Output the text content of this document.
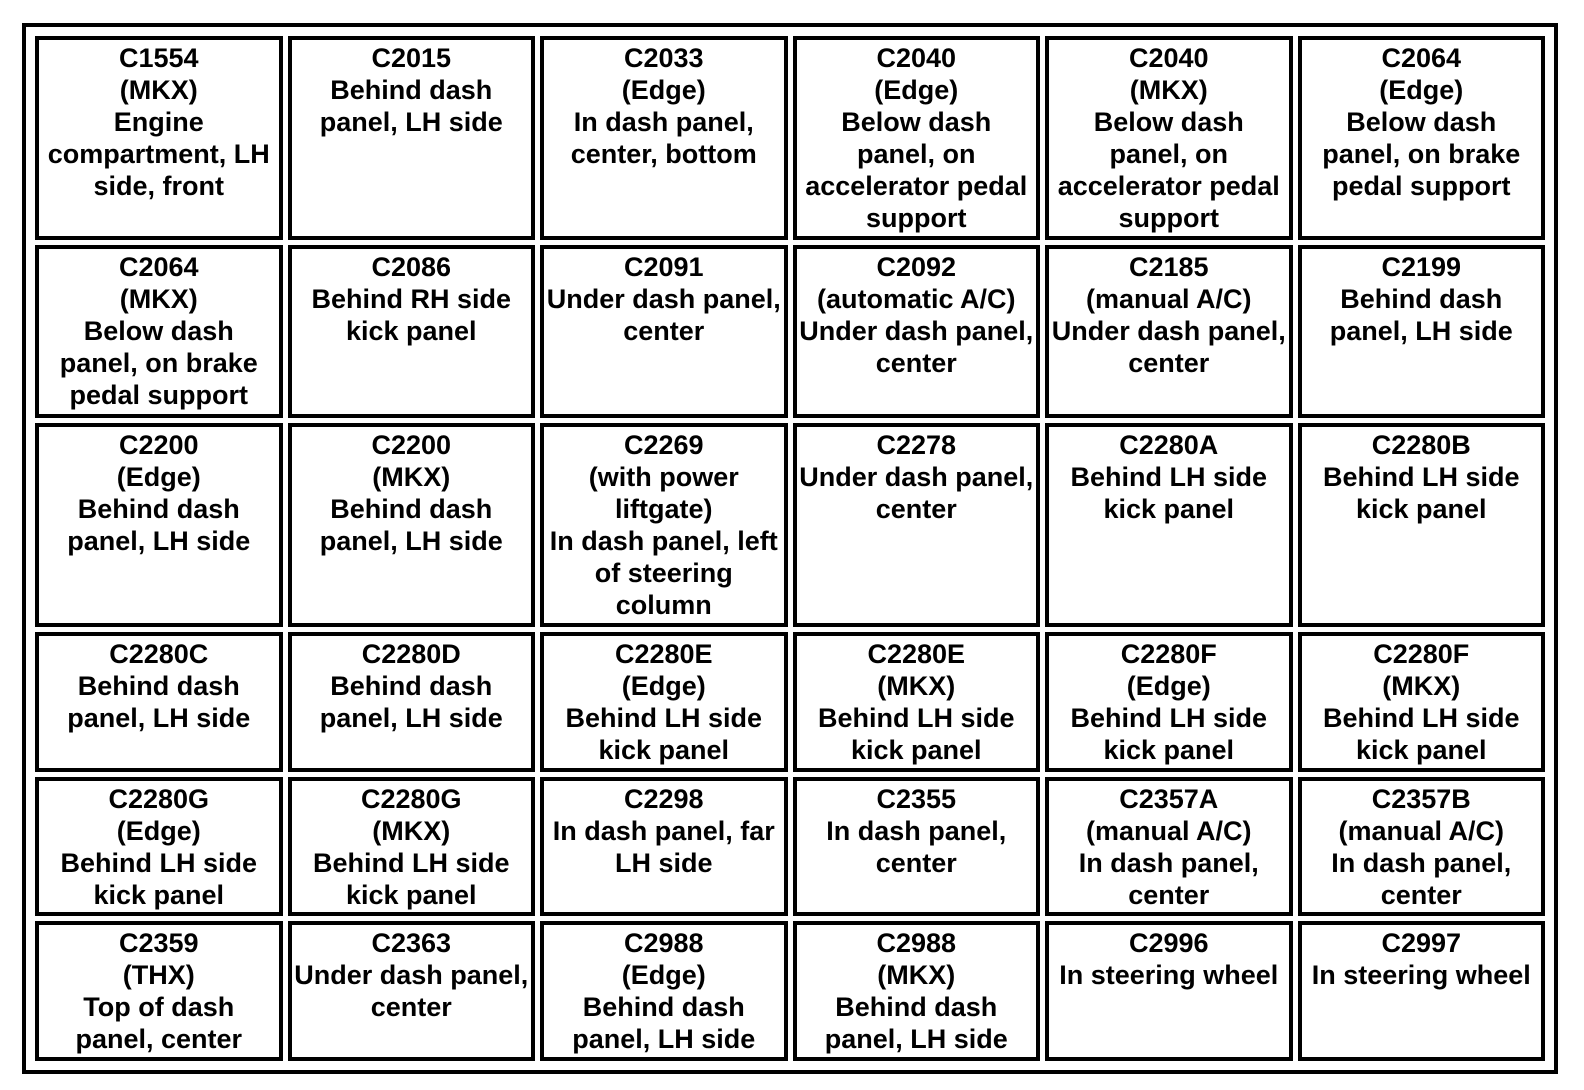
C1554
(MKX)
Engine compartment, LH side, front	C2015
Behind dash panel, LH side	C2033
(Edge)
In dash panel, center, bottom	C2040
(Edge)
Below dash panel, on accelerator pedal support	C2040
(MKX)
Below dash panel, on accelerator pedal support	C2064
(Edge)
Below dash panel, on brake pedal support

C2064
(MKX)
Below dash panel, on brake pedal support	C2086
Behind RH side kick panel	C2091
Under dash panel, center	C2092
(automatic A/C)
Under dash panel, center	C2185
(manual A/C)
Under dash panel, center	C2199
Behind dash panel, LH side

C2200
(Edge)
Behind dash panel, LH side	C2200
(MKX)
Behind dash panel, LH side	C2269
(with power liftgate)
In dash panel, left of steering column	C2278
Under dash panel, center	C2280A
Behind LH side kick panel	C2280B
Behind LH side kick panel

C2280C
Behind dash panel, LH side	C2280D
Behind dash panel, LH side	C2280E
(Edge)
Behind LH side kick panel	C2280E
(MKX)
Behind LH side kick panel	C2280F
(Edge)
Behind LH side kick panel	C2280F
(MKX)
Behind LH side kick panel

C2280G
(Edge)
Behind LH side kick panel	C2280G
(MKX)
Behind LH side kick panel	C2298
In dash panel, far LH side	C2355
In dash panel, center	C2357A
(manual A/C)
In dash panel, center	C2357B
(manual A/C)
In dash panel, center

C2359
(THX)
Top of dash panel, center	C2363
Under dash panel, center	C2988
(Edge)
Behind dash panel, LH side	C2988
(MKX)
Behind dash panel, LH side	C2996
In steering wheel	C2997
In steering wheel
